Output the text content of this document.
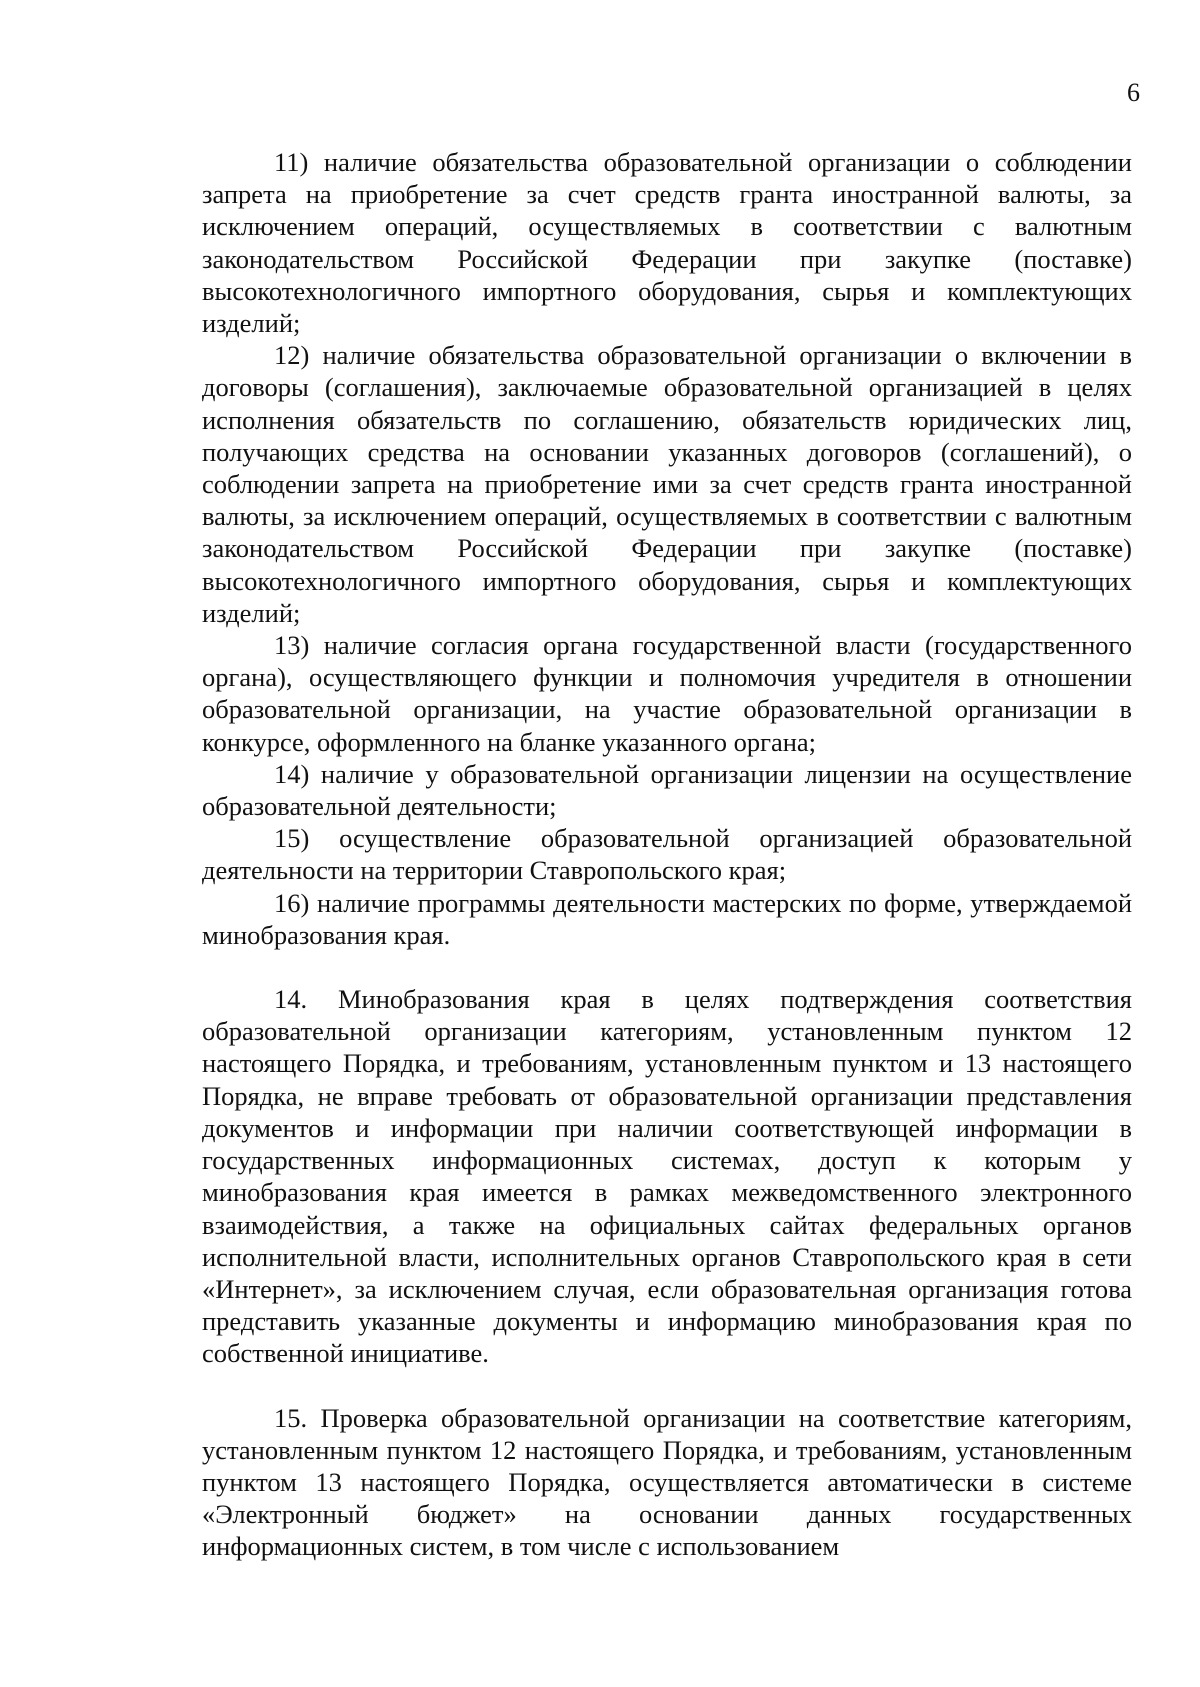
6

11) наличие обязательства образовательной организации о соблюдении запрета на приобретение за счет средств гранта иностранной валюты, за исключением операций, осуществляемых в соответствии с валютным законодательством Российской Федерации при закупке (поставке) высокотехнологичного импортного оборудования, сырья и комплектующих изделий;

12) наличие обязательства образовательной организации о включении в договоры (соглашения), заключаемые образовательной организацией в целях исполнения обязательств по соглашению, обязательств юридических лиц, получающих средства на основании указанных договоров (соглашений), о соблюдении запрета на приобретение ими за счет средств гранта иностранной валюты, за исключением операций, осуществляемых в соответствии с валютным законодательством Российской Федерации при закупке (поставке) высокотехнологичного импортного оборудования, сырья и комплектующих изделий;

13) наличие согласия органа государственной власти (государственного органа), осуществляющего функции и полномочия учредителя в отношении образовательной организации, на участие образовательной организации в конкурсе, оформленного на бланке указанного органа;

14) наличие у образовательной организации лицензии на осуществление образовательной деятельности;

15) осуществление образовательной организацией образовательной деятельности на территории Ставропольского края;

16) наличие программы деятельности мастерских по форме, утверждаемой минобразования края.

14. Минобразования края в целях подтверждения соответствия образовательной организации категориям, установленным пунктом 12 настоящего Порядка, и требованиям, установленным пунктом и 13 настоящего Порядка, не вправе требовать от образовательной организации представления документов и информации при наличии соответствующей информации в государственных информационных системах, доступ к которым у минобразования края имеется в рамках межведомственного электронного взаимодействия, а также на официальных сайтах федеральных органов исполнительной власти, исполнительных органов Ставропольского края в сети «Интернет», за исключением случая, если образовательная организация готова представить указанные документы и информацию минобразования края по собственной инициативе.

15. Проверка образовательной организации на соответствие категориям, установленным пунктом 12 настоящего Порядка, и требованиям, установленным пунктом 13 настоящего Порядка, осуществляется автоматически в системе «Электронный бюджет» на основании данных государственных информационных систем, в том числе с использованием
